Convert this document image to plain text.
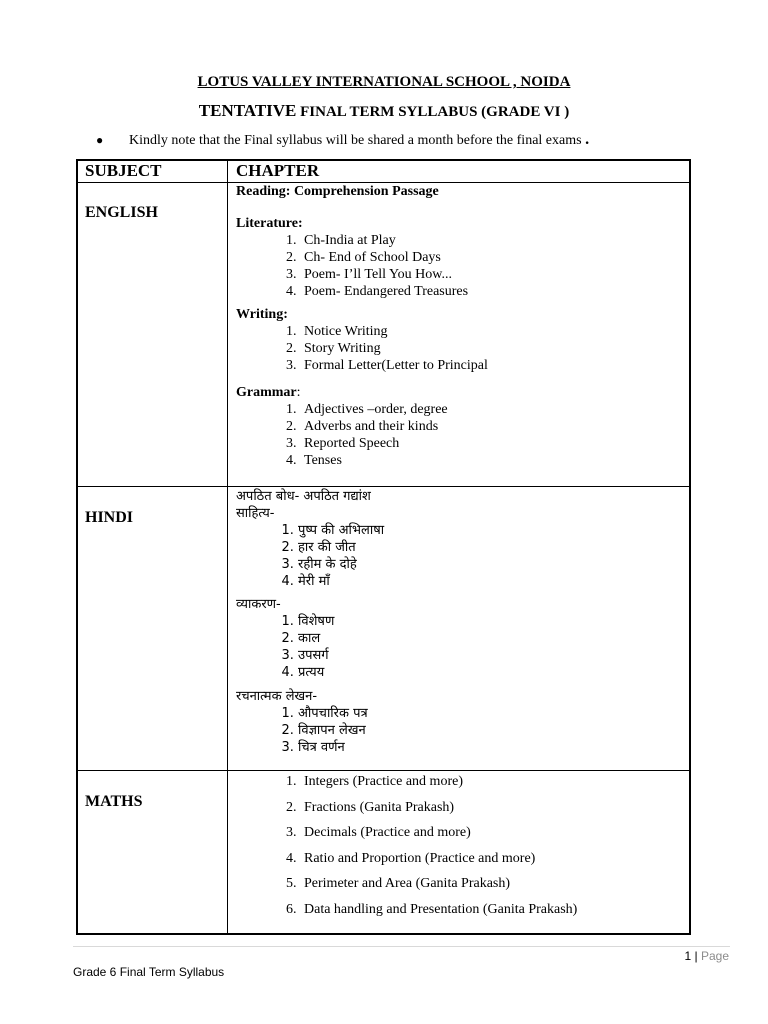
LOTUS VALLEY INTERNATIONAL SCHOOL , NOIDA
TENTATIVE FINAL TERM SYLLABUS (GRADE VI )
● Kindly note that the Final syllabus will be shared a month before the final exams .
SUBJECT	CHAPTER
ENGLISH
Reading: Comprehension Passage
Literature:
1. Ch-India at Play
2. Ch- End of School Days
3. Poem- I’ll Tell You How...
4. Poem- Endangered Treasures
Writing:
1. Notice Writing
2. Story Writing
3. Formal Letter(Letter to Principal
Grammar:
1. Adjectives –order, degree
2. Adverbs and their kinds
3. Reported Speech
4. Tenses
HINDI
अपठित बोध- अपठित गद्यांश
साहित्य-
1. पुष्प की अभिलाषा
2. हार की जीत
3. रहीम के दोहे
4. मेरी माँ
व्याकरण-
1. विशेषण
2. काल
3. उपसर्ग
4. प्रत्यय
रचनात्मक लेखन-
1. औपचारिक पत्र
2. विज्ञापन लेखन
3. चित्र वर्णन
MATHS
1. Integers (Practice and more)
2. Fractions (Ganita Prakash)
3. Decimals (Practice and more)
4. Ratio and Proportion (Practice and more)
5. Perimeter and Area (Ganita Prakash)
6. Data handling and Presentation (Ganita Prakash)
1 | Page
Grade 6 Final Term Syllabus
